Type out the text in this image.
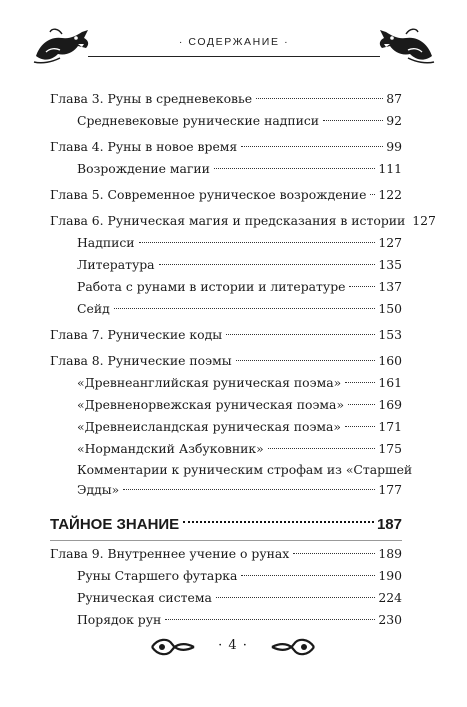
· СОДЕРЖАНИЕ ·
Глава 3. Руны в средневековье	87
Средневековые рунические надписи	92
Глава 4. Руны в новое время	99
Возрождение магии	111
Глава 5. Современное руническое возрождение 122
Глава 6. Руническая магия и предсказания в истории 127
Надписи	127
Литература	135
Работа с рунами в истории и литературе	137
Сейд	150
Глава 7. Рунические коды	153
Глава 8. Рунические поэмы	160
«Древнеанглийская руническая поэма»	161
«Древненорвежская руническая поэма»	169
«Древнеисландская руническая поэма»	171
«Нормандский Азбуковник»	175
Комментарии к руническим строфам из «Старшей
Эдды»	177
ТАЙНОЕ ЗНАНИЕ	187
Глава 9. Внутреннее учение о рунах	189
Руны Старшего футарка	190
Руническая система	224
Порядок рун	230
· 4 ·
